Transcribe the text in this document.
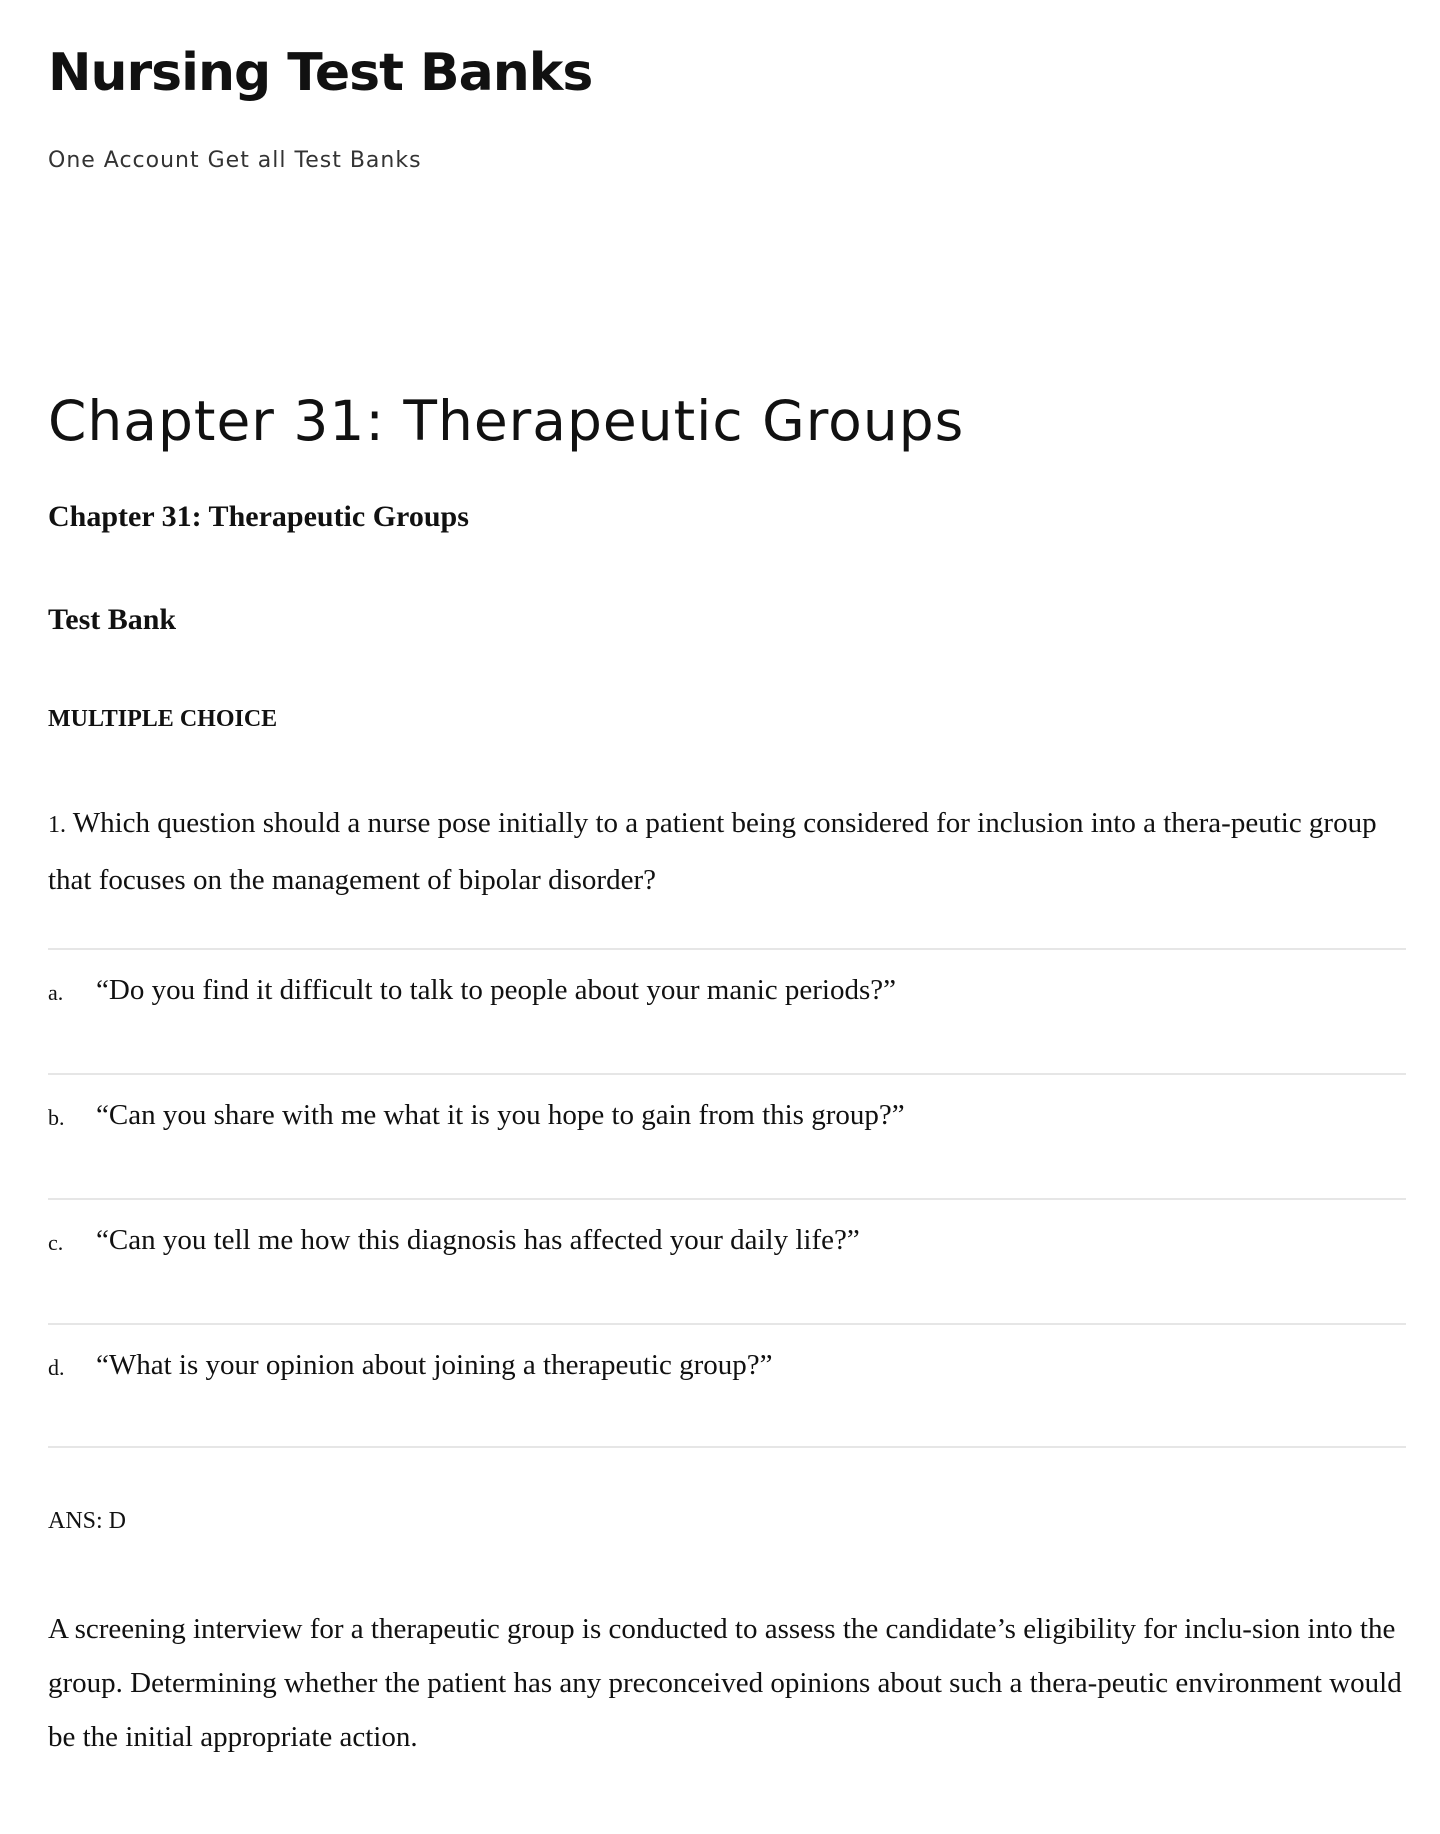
Nursing Test Banks
One Account Get all Test Banks
Chapter 31: Therapeutic Groups

Chapter 31: Therapeutic Groups

Test Bank

MULTIPLE CHOICE

1. Which question should a nurse pose initially to a patient being considered for inclusion into a thera-peutic group that focuses on the management of bipolar disorder?

a. “Do you find it difficult to talk to people about your manic periods?”
b. “Can you share with me what it is you hope to gain from this group?”
c. “Can you tell me how this diagnosis has affected your daily life?”
d. “What is your opinion about joining a therapeutic group?”

ANS: D

A screening interview for a therapeutic group is conducted to assess the candidate’s eligibility for inclu-sion into the group. Determining whether the patient has any preconceived opinions about such a thera-peutic environment would be the initial appropriate action.
